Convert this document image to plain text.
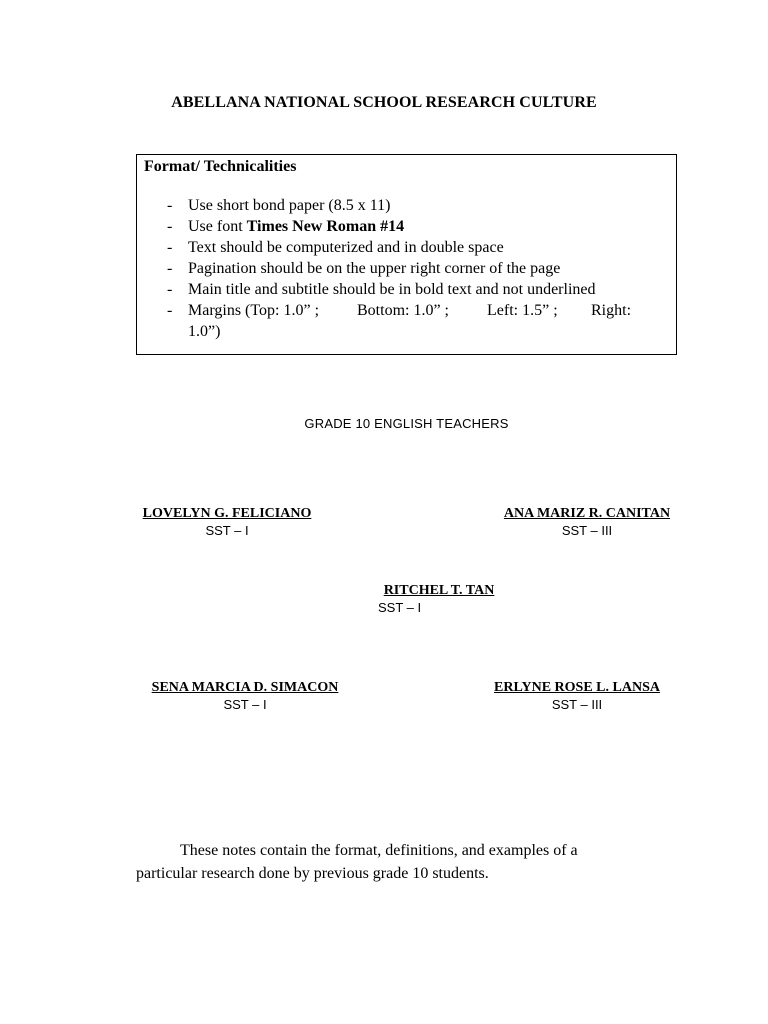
ABELLANA NATIONAL SCHOOL RESEARCH CULTURE
Format/ Technicalities
- Use short bond paper (8.5 x 11)
- Use font Times New Roman #14
- Text should be computerized and in double space
- Pagination should be on the upper right corner of the page
- Main title and subtitle should be in bold text and not underlined
- Margins (Top: 1.0” ; Bottom: 1.0” ; Left: 1.5” ; Right:
1.0”)
GRADE 10 ENGLISH TEACHERS
LOVELYN G. FELICIANO
SST – I
ANA MARIZ R. CANITAN
SST – III
RITCHEL T. TAN
SST – I
SENA MARCIA D. SIMACON
SST – I
ERLYNE ROSE L. LANSA
SST – III
These notes contain the format, definitions, and examples of a
particular research done by previous grade 10 students.
